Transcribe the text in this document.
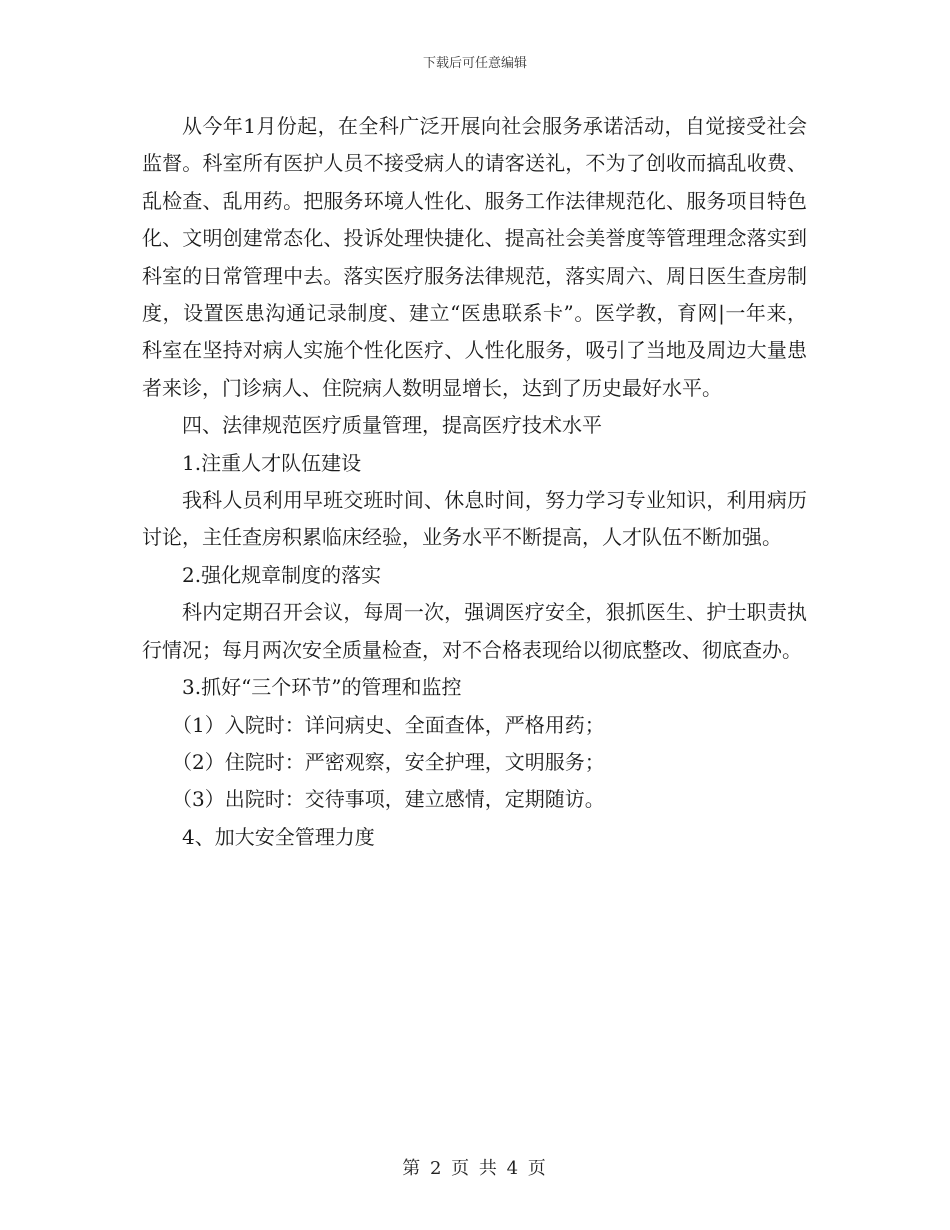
下载后可任意编辑

从今年1月份起，在全科广泛开展向社会服务承诺活动，自觉接受社会监督。科室所有医护人员不接受病人的请客送礼，不为了创收而搞乱收费、乱检查、乱用药。把服务环境人性化、服务工作法律规范化、服务项目特色化、文明创建常态化、投诉处理快捷化、提高社会美誉度等管理理念落实到科室的日常管理中去。落实医疗服务法律规范，落实周六、周日医生查房制度，设置医患沟通记录制度、建立“医患联系卡”。医学教，育网|一年来，科室在坚持对病人实施个性化医疗、人性化服务，吸引了当地及周边大量患者来诊，门诊病人、住院病人数明显增长，达到了历史最好水平。

四、法律规范医疗质量管理，提高医疗技术水平

1.注重人才队伍建设

我科人员利用早班交班时间、休息时间，努力学习专业知识，利用病历讨论，主任查房积累临床经验，业务水平不断提高，人才队伍不断加强。

2.强化规章制度的落实

科内定期召开会议，每周一次，强调医疗安全，狠抓医生、护士职责执行情况；每月两次安全质量检查，对不合格表现给以彻底整改、彻底查办。

3.抓好“三个环节”的管理和监控

（1）入院时：详问病史、全面查体，严格用药；

（2）住院时：严密观察，安全护理，文明服务；

（3）出院时：交待事项，建立感情，定期随访。

4、加大安全管理力度

第 2 页 共 4 页
